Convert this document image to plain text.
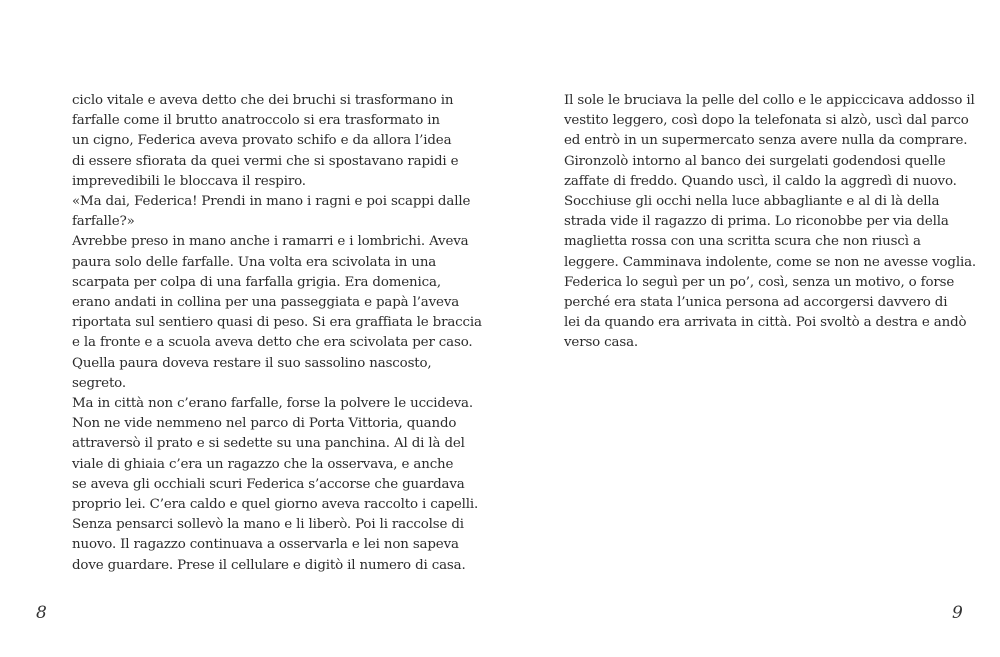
ciclo vitale e aveva detto che dei bruchi si trasformano in
farfalle come il brutto anatroccolo si era trasformato in
un cigno, Federica aveva provato schifo e da allora l’idea
di essere sfiorata da quei vermi che si spostavano rapidi e
imprevedibili le bloccava il respiro.
«Ma dai, Federica! Prendi in mano i ragni e poi scappi dalle
farfalle?»
Avrebbe preso in mano anche i ramarri e i lombrichi. Aveva
paura solo delle farfalle. Una volta era scivolata in una
scarpata per colpa di una farfalla grigia. Era domenica,
erano andati in collina per una passeggiata e papà l’aveva
riportata sul sentiero quasi di peso. Si era graffiata le braccia
e la fronte e a scuola aveva detto che era scivolata per caso.
Quella paura doveva restare il suo sassolino nascosto,
segreto.
Ma in città non c’erano farfalle, forse la polvere le uccideva.
Non ne vide nemmeno nel parco di Porta Vittoria, quando
attraversò il prato e si sedette su una panchina. Al di là del
viale di ghiaia c’era un ragazzo che la osservava, e anche
se aveva gli occhiali scuri Federica s’accorse che guardava
proprio lei. C’era caldo e quel giorno aveva raccolto i capelli.
Senza pensarci sollevò la mano e li liberò. Poi li raccolse di
nuovo. Il ragazzo continuava a osservarla e lei non sapeva
dove guardare. Prese il cellulare e digitò il numero di casa.
8
Il sole le bruciava la pelle del collo e le appiccicava addosso il
vestito leggero, così dopo la telefonata si alzò, uscì dal parco
ed entrò in un supermercato senza avere nulla da comprare.
Gironzolò intorno al banco dei surgelati godendosi quelle
zaffate di freddo. Quando uscì, il caldo la aggredì di nuovo.
Socchiuse gli occhi nella luce abbagliante e al di là della
strada vide il ragazzo di prima. Lo riconobbe per via della
maglietta rossa con una scritta scura che non riuscì a
leggere. Camminava indolente, come se non ne avesse voglia.
Federica lo seguì per un po’, così, senza un motivo, o forse
perché era stata l’unica persona ad accorgersi davvero di
lei da quando era arrivata in città. Poi svoltò a destra e andò
verso casa.
9
